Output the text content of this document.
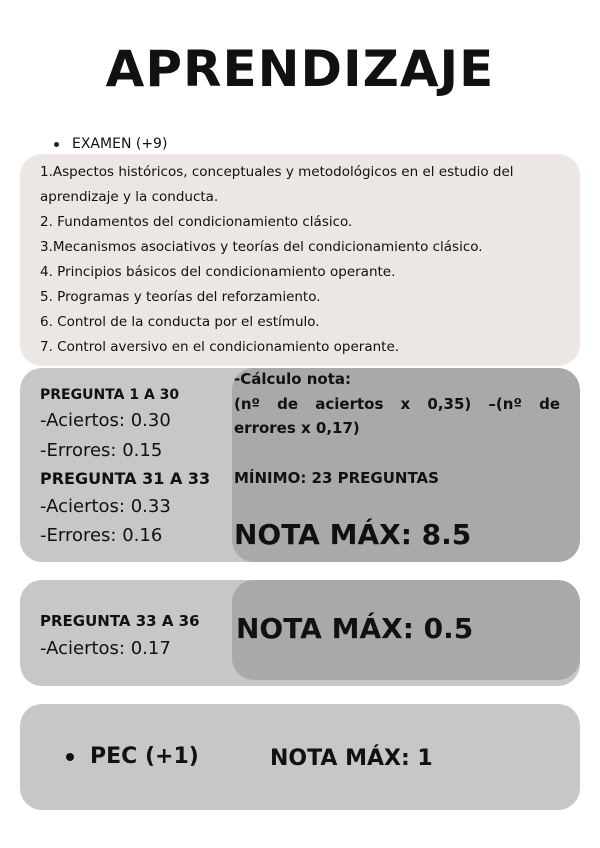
APRENDIZAJE
EXAMEN (+9)
1.Aspectos históricos, conceptuales y metodológicos en el estudio del aprendizaje y la conducta.
2. Fundamentos del condicionamiento clásico.
3.Mecanismos asociativos y teorías del condicionamiento clásico.
4. Principios básicos del condicionamiento operante.
5. Programas y teorías del reforzamiento.
6. Control de la conducta por el estímulo.
7. Control aversivo en el condicionamiento operante.

PREGUNTA 1 A 30

-Aciertos: 0.30

-Errores: 0.15

PREGUNTA 31 A 33

-Aciertos: 0.33

-Errores: 0.16

-Cálculo nota:

(nº de aciertos x 0,35) –(nº de

errores x 0,17)

MÍNIMO: 23 PREGUNTAS

NOTA MÁX: 8.5

PREGUNTA 33 A 36

-Aciertos: 0.17

NOTA MÁX: 0.5

PEC (+1)	NOTA MÁX: 1
